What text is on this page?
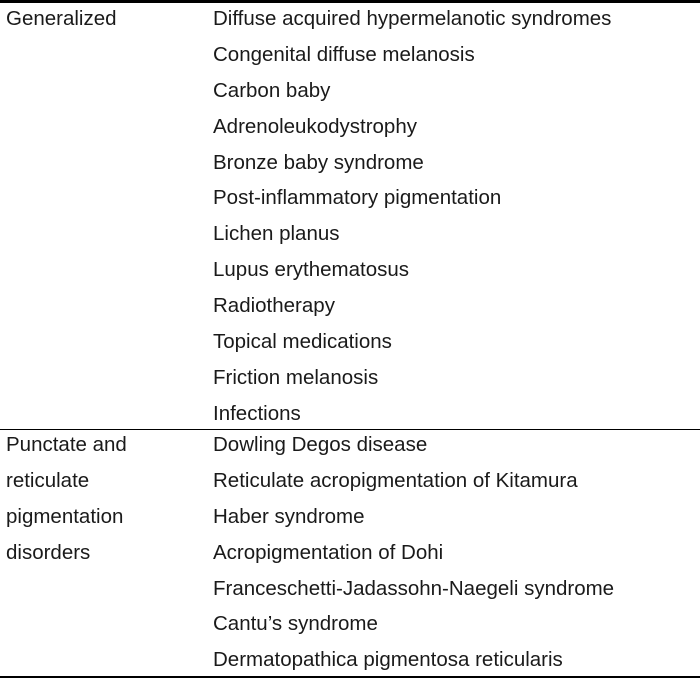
Generalized	Diffuse acquired hypermelanotic syndromes
Congenital diffuse melanosis
Carbon baby
Adrenoleukodystrophy
Bronze baby syndrome
Post-inflammatory pigmentation
Lichen planus
Lupus erythematosus
Radiotherapy
Topical medications
Friction melanosis
Infections
Punctate and
reticulate
pigmentation
disorders
Dowling Degos disease
Reticulate acropigmentation of Kitamura
Haber syndrome
Acropigmentation of Dohi
Franceschetti-Jadassohn-Naegeli syndrome
Cantu’s syndrome
Dermatopathica pigmentosa reticularis
